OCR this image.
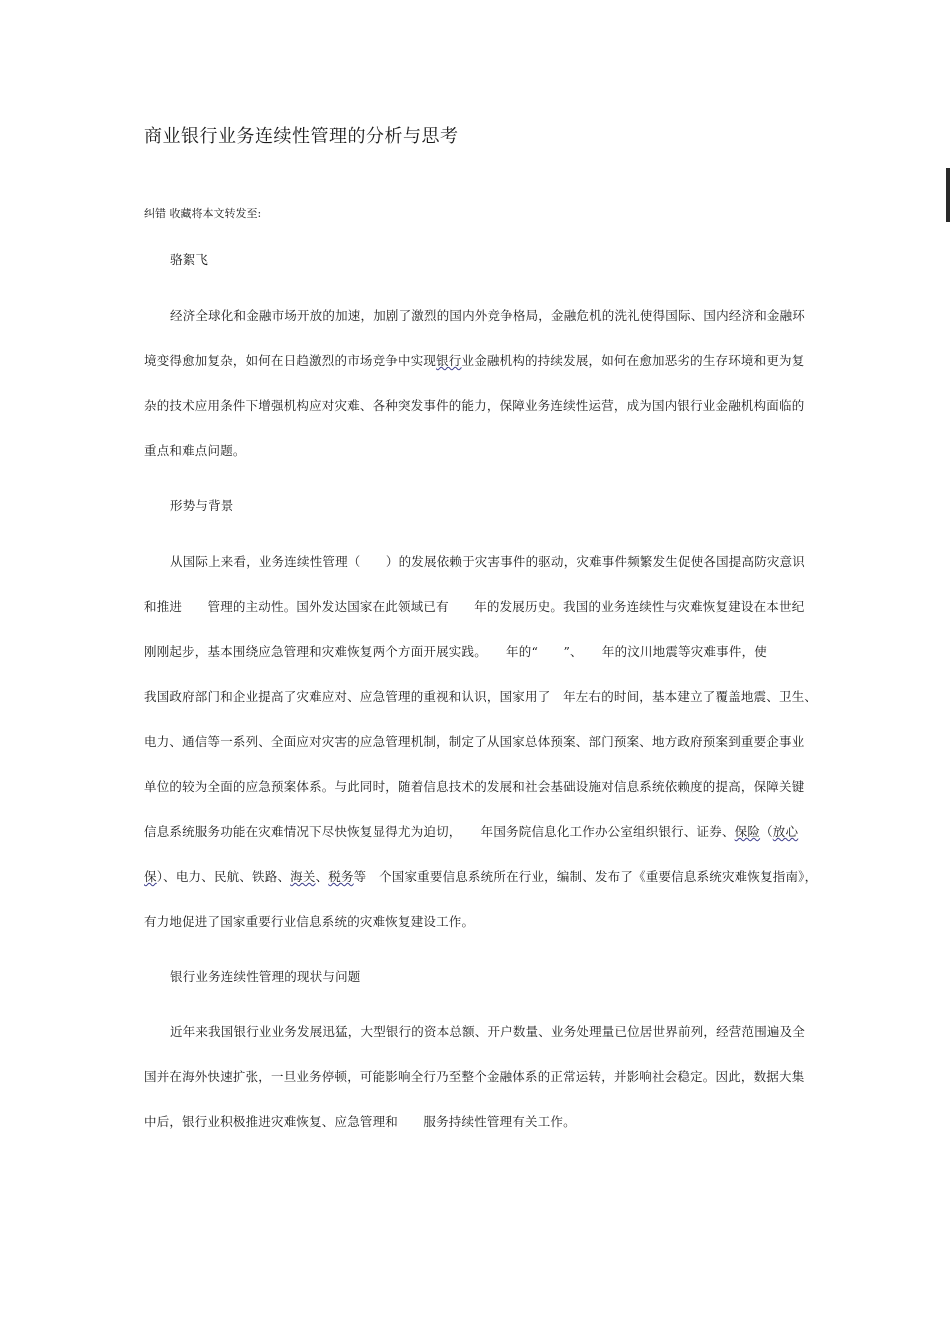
商业银行业务连续性管理的分析与思考
纠错 收藏将本文转发至:
骆絮飞
经济全球化和金融市场开放的加速，加剧了激烈的国内外竞争格局，金融危机的洗礼使得国际、国内经济和金融环
境变得愈加复杂，如何在日趋激烈的市场竞争中实现银行业金融机构的持续发展，如何在愈加恶劣的生存环境和更为复
杂的技术应用条件下增强机构应对灾难、各种突发事件的能力，保障业务连续性运营，成为国内银行业金融机构面临的
重点和难点问题。
形势与背景
从国际上来看，业务连续性管理（　　）的发展依赖于灾害事件的驱动，灾难事件频繁发生促使各国提高防灾意识
和推进　　管理的主动性。国外发达国家在此领域已有　　年的发展历史。我国的业务连续性与灾难恢复建设在本世纪
刚刚起步，基本围绕应急管理和灾难恢复两个方面开展实践。　　年的“　　”、　　年的汶川地震等灾难事件，使
我国政府部门和企业提高了灾难应对、应急管理的重视和认识，国家用了　年左右的时间，基本建立了覆盖地震、卫生、
电力、通信等一系列、全面应对灾害的应急管理机制，制定了从国家总体预案、部门预案、地方政府预案到重要企事业
单位的较为全面的应急预案体系。与此同时，随着信息技术的发展和社会基础设施对信息系统依赖度的提高，保障关键
信息系统服务功能在灾难情况下尽快恢复显得尤为迫切，　　年国务院信息化工作办公室组织银行、证券、保险（放心
保）、电力、民航、铁路、海关、税务等　个国家重要信息系统所在行业，编制、发布了《重要信息系统灾难恢复指南》，
有力地促进了国家重要行业信息系统的灾难恢复建设工作。
银行业务连续性管理的现状与问题
近年来我国银行业业务发展迅猛，大型银行的资本总额、开户数量、业务处理量已位居世界前列，经营范围遍及全
国并在海外快速扩张，一旦业务停顿，可能影响全行乃至整个金融体系的正常运转，并影响社会稳定。因此，数据大集
中后，银行业积极推进灾难恢复、应急管理和　　服务持续性管理有关工作。
